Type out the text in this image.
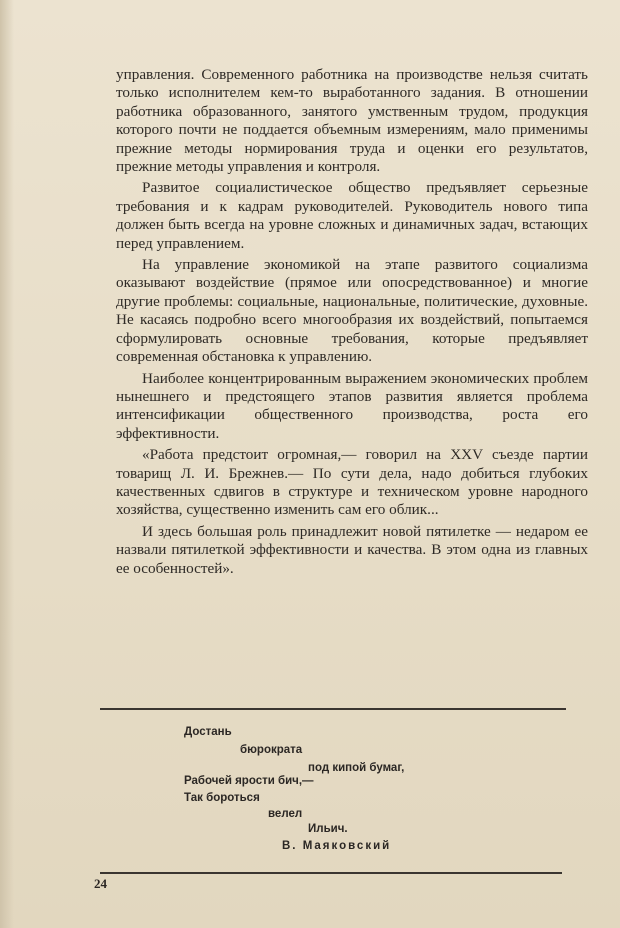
управления. Современного работника на производстве нельзя считать только исполнителем кем-то выработанного задания. В отношении работника образованного, занятого умственным трудом, продукция которого почти не поддается объемным измерениям, мало применимы прежние методы нормирования труда и оценки его результатов, прежние методы управления и контроля.

Развитое социалистическое общество предъявляет серьезные требования и к кадрам руководителей. Руководитель нового типа должен быть всегда на уровне сложных и динамичных задач, встающих перед управлением.

На управление экономикой на этапе развитого социализма оказывают воздействие (прямое или опосредствованное) и многие другие проблемы: социальные, национальные, политические, духовные. Не касаясь подробно всего многообразия их воздействий, попытаемся сформулировать основные требования, которые предъявляет современная обстановка к управлению.

Наиболее концентрированным выражением экономических проблем нынешнего и предстоящего этапов развития является проблема интенсификации общественного производства, роста его эффективности.

«Работа предстоит огромная,— говорил на XXV съезде партии товарищ Л. И. Брежнев.— По сути дела, надо добиться глубоких качественных сдвигов в структуре и техническом уровне народного хозяйства, существенно изменить сам его облик...

И здесь большая роль принадлежит новой пятилетке — недаром ее назвали пятилеткой эффективности и качества. В этом одна из главных ее особенностей».

Достань
бюрократа
под кипой бумаг,
Рабочей ярости бич,—
Так бороться
велел
Ильич.
В. Маяковский
24
